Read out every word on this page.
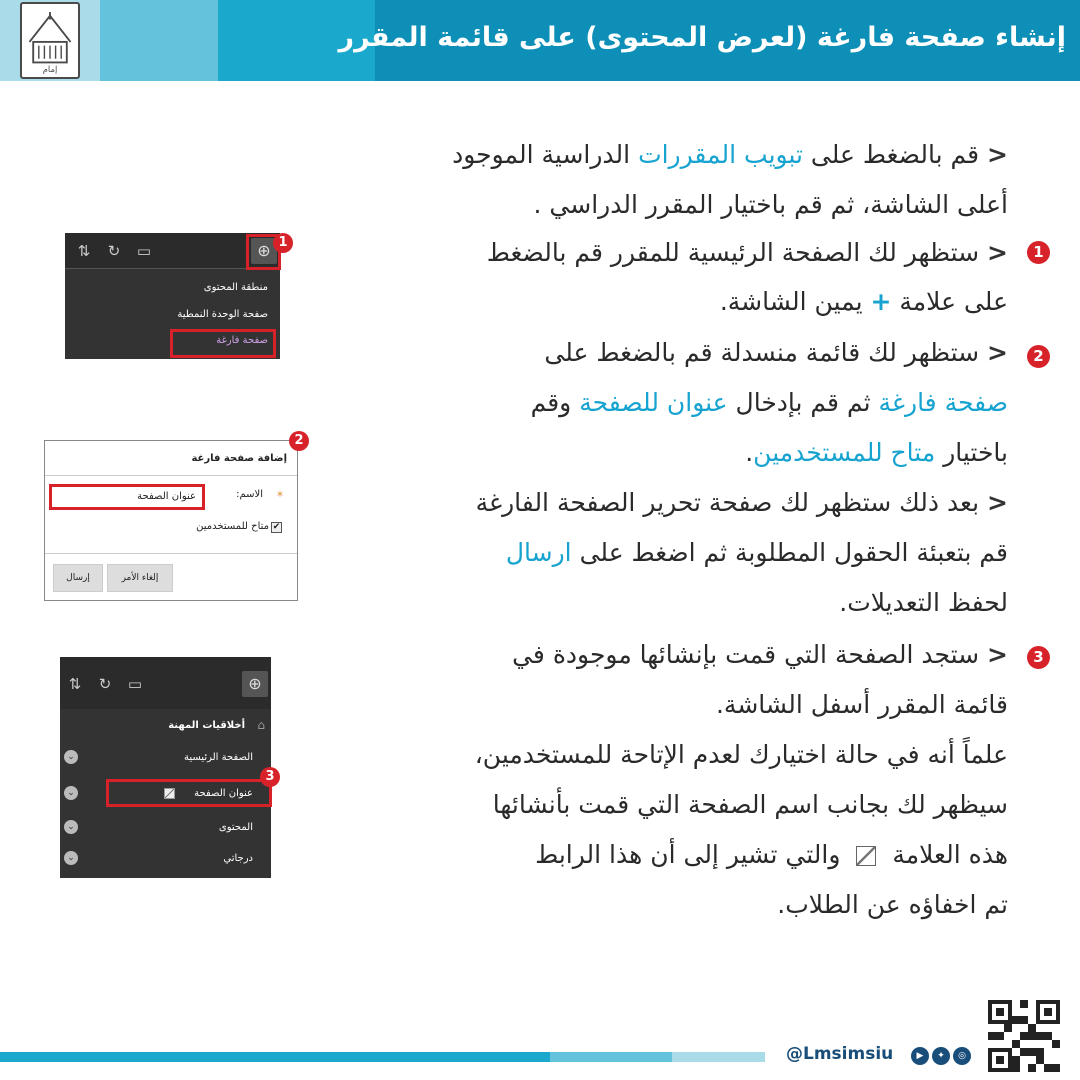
إنشاء صفحة فارغة (لعرض المحتوى) على قائمة المقرر
إمام
< قم بالضغط على تبويب المقررات الدراسية الموجود
أعلى الشاشة، ثم قم باختيار المقرر الدراسي .
1
< ستظهر لك الصفحة الرئيسية للمقرر قم بالضغط
على علامة + يمين الشاشة.
2
< ستظهر لك قائمة منسدلة قم بالضغط على
صفحة فارغة ثم قم بإدخال عنوان للصفحة وقم
باختيار متاح للمستخدمين.
< بعد ذلك ستظهر لك صفحة تحرير الصفحة الفارغة
قم بتعبئة الحقول المطلوبة ثم اضغط على ارسال
لحفظ التعديلات.
3
< ستجد الصفحة التي قمت بإنشائها موجودة في
قائمة المقرر أسفل الشاشة.
علماً أنه في حالة اختيارك لعدم الإتاحة للمستخدمين،
سيظهر لك بجانب اسم الصفحة التي قمت بأنشائها
هذه العلامة  والتي تشير إلى أن هذا الرابط
تم اخفاؤه عن الطلاب.
⇅	↻	▭	⊕
منطقة المحتوى
صفحة الوحدة النمطية
صفحة فارغة
1
إضافة صفحة فارغة
*
الاسم:
عنوان الصفحة
✔
متاح للمستخدمين
إلغاء الأمر
إرسال
2
⇅	↻	▭	⊕
أخلاقيات المهنة ⌂
الصفحة الرئيسية
⌄
عنوان الصفحة
⌄
المحتوى
⌄
درجاتي
⌄
3
@Lmsimsiu	▶	✦	◎
